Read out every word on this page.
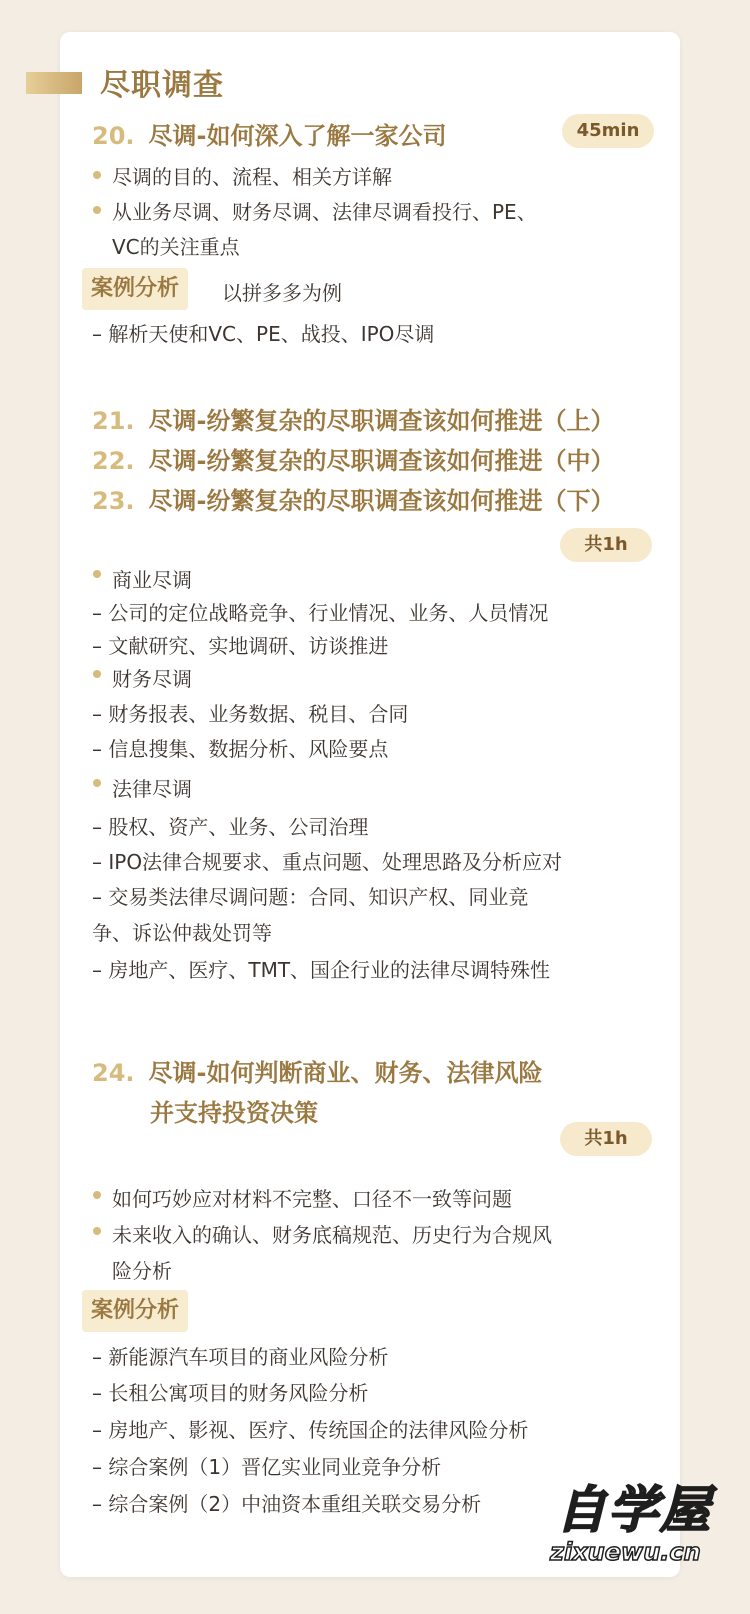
尽职调查
20. 尽调-如何深入了解一家公司	45min
尽调的目的、流程、相关方详解
从业务尽调、财务尽调、法律尽调看投行、PE、
VC的关注重点
案例分析	以拼多多为例
– 解析天使和VC、PE、战投、IPO尽调
21. 尽调-纷繁复杂的尽职调查该如何推进（上）
22. 尽调-纷繁复杂的尽职调查该如何推进（中）
23. 尽调-纷繁复杂的尽职调查该如何推进（下）
共1h
商业尽调
– 公司的定位战略竞争、行业情况、业务、人员情况
– 文献研究、实地调研、访谈推进
财务尽调
– 财务报表、业务数据、税目、合同
– 信息搜集、数据分析、风险要点
法律尽调
– 股权、资产、业务、公司治理
– IPO法律合规要求、重点问题、处理思路及分析应对
– 交易类法律尽调问题：合同、知识产权、同业竞
争、诉讼仲裁处罚等
– 房地产、医疗、TMT、国企行业的法律尽调特殊性
24. 尽调-如何判断商业、财务、法律风险
并支持投资决策
共1h
如何巧妙应对材料不完整、口径不一致等问题
未来收入的确认、财务底稿规范、历史行为合规风
险分析
案例分析
– 新能源汽车项目的商业风险分析
– 长租公寓项目的财务风险分析
– 房地产、影视、医疗、传统国企的法律风险分析
– 综合案例（1）晋亿实业同业竞争分析
– 综合案例（2）中油资本重组关联交易分析 自学屋
zixuewu.cn
